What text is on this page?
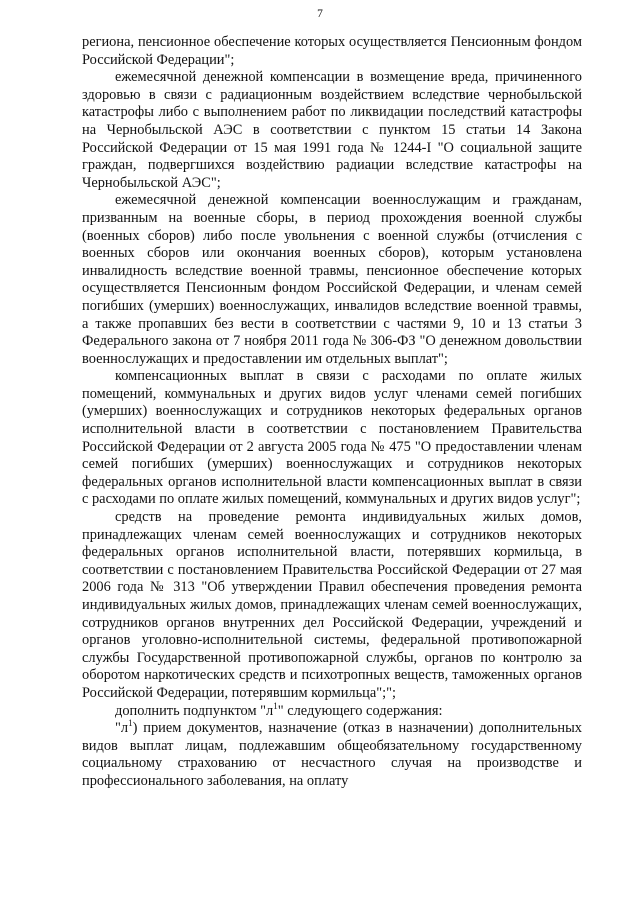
7

региона, пенсионное обеспечение которых осуществляется Пенсионным фондом Российской Федерации";

ежемесячной денежной компенсации в возмещение вреда, причиненного здоровью в связи с радиационным воздействием вследствие чернобыльской катастрофы либо с выполнением работ по ликвидации последствий катастрофы на Чернобыльской АЭС в соответствии с пунктом 15 статьи 14 Закона Российской Федерации от 15 мая 1991 года № 1244-I "О социальной защите граждан, подвергшихся воздействию радиации вследствие катастрофы на Чернобыльской АЭС";

ежемесячной денежной компенсации военнослужащим и гражданам, призванным на военные сборы, в период прохождения военной службы (военных сборов) либо после увольнения с военной службы (отчисления с военных сборов или окончания военных сборов), которым установлена инвалидность вследствие военной травмы, пенсионное обеспечение которых осуществляется Пенсионным фондом Российской Федерации, и членам семей погибших (умерших) военнослужащих, инвалидов вследствие военной травмы, а также пропавших без вести в соответствии с частями 9, 10 и 13 статьи 3 Федерального закона от 7 ноября 2011 года № 306-ФЗ "О денежном довольствии военнослужащих и предоставлении им отдельных выплат";

компенсационных выплат в связи с расходами по оплате жилых помещений, коммунальных и других видов услуг членами семей погибших (умерших) военнослужащих и сотрудников некоторых федеральных органов исполнительной власти в соответствии с постановлением Правительства Российской Федерации от 2 августа 2005 года № 475 "О предоставлении членам семей погибших (умерших) военнослужащих и сотрудников некоторых федеральных органов исполнительной власти компенсационных выплат в связи с расходами по оплате жилых помещений, коммунальных и других видов услуг";

средств на проведение ремонта индивидуальных жилых домов, принадлежащих членам семей военнослужащих и сотрудников некоторых федеральных органов исполнительной власти, потерявших кормильца, в соответствии с постановлением Правительства Российской Федерации от 27 мая 2006 года № 313 "Об утверждении Правил обеспечения проведения ремонта индивидуальных жилых домов, принадлежащих членам семей военнослужащих, сотрудников органов внутренних дел Российской Федерации, учреждений и органов уголовно-исполнительной системы, федеральной противопожарной службы Государственной противопожарной службы, органов по контролю за оборотом наркотических средств и психотропных веществ, таможенных органов Российской Федерации, потерявшим кормильца";";

дополнить подпунктом "$л^1$" следующего содержания:

"$л^1$) прием документов, назначение (отказ в назначении) дополнительных видов выплат лицам, подлежавшим общеобязательному государственному социальному страхованию от несчастного случая на производстве и профессионального заболевания, на оплату
